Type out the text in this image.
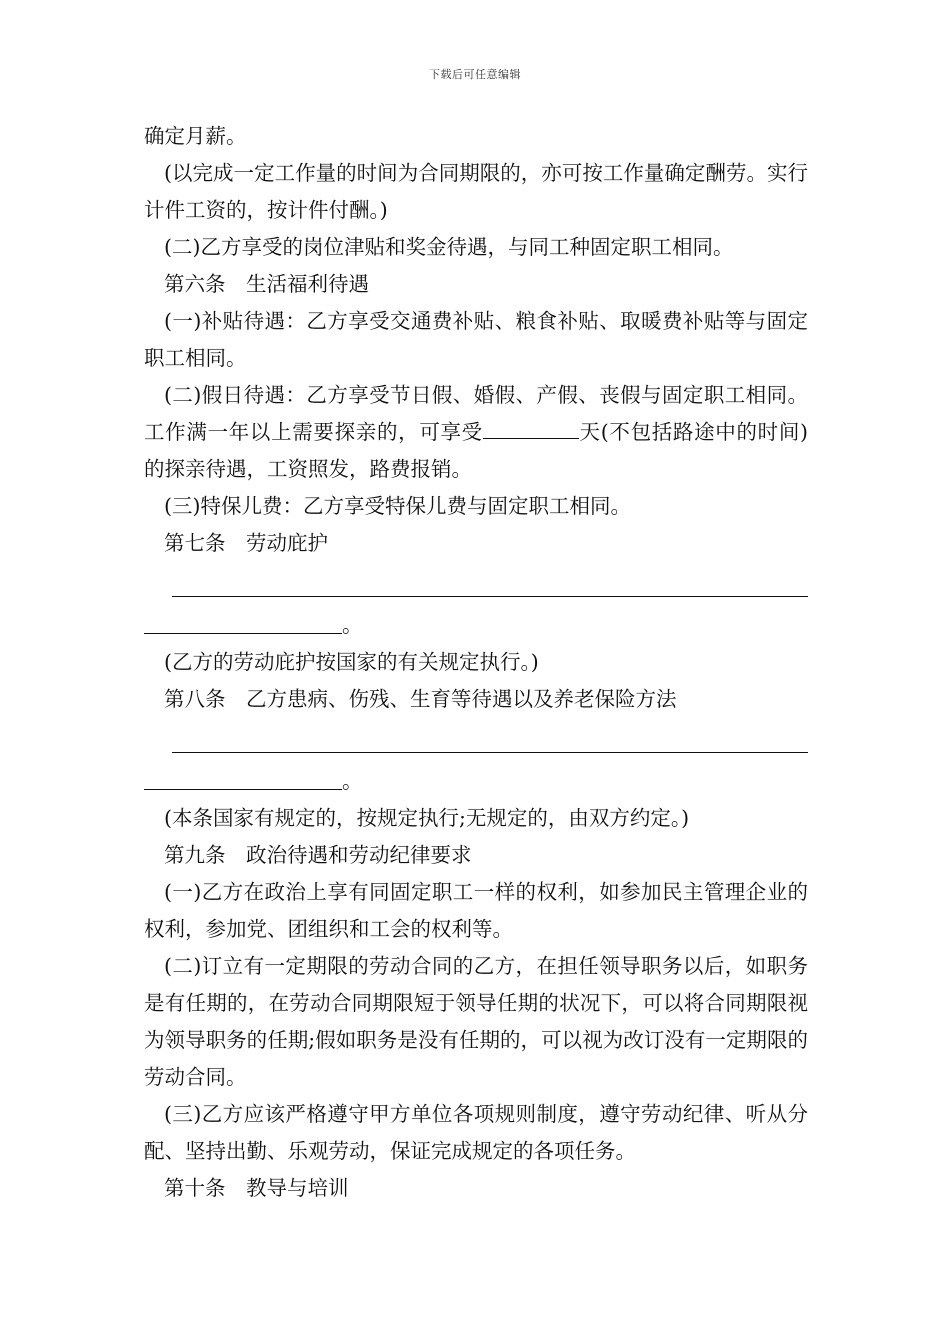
下载后可任意编辑

确定月薪。

(以完成一定工作量的时间为合同期限的，亦可按工作量确定酬劳。实行计件工资的，按计件付酬。)

(二)乙方享受的岗位津贴和奖金待遇，与同工种固定职工相同。

第六条　生活福利待遇

(一)补贴待遇：乙方享受交通费补贴、粮食补贴、取暖费补贴等与固定职工相同。

(二)假日待遇：乙方享受节日假、婚假、产假、丧假与固定职工相同。工作满一年以上需要探亲的，可享受	天(不包括路途中的时间)的探亲待遇，工资照发，路费报销。

(三)特保儿费：乙方享受特保儿费与固定职工相同。

第七条　劳动庇护

。

(乙方的劳动庇护按国家的有关规定执行。)

第八条　乙方患病、伤残、生育等待遇以及养老保险方法

。

(本条国家有规定的，按规定执行;无规定的，由双方约定。)

第九条　政治待遇和劳动纪律要求

(一)乙方在政治上享有同固定职工一样的权利，如参加民主管理企业的权利，参加党、团组织和工会的权利等。

(二)订立有一定期限的劳动合同的乙方，在担任领导职务以后，如职务是有任期的，在劳动合同期限短于领导任期的状况下，可以将合同期限视为领导职务的任期;假如职务是没有任期的，可以视为改订没有一定期限的劳动合同。

(三)乙方应该严格遵守甲方单位各项规则制度，遵守劳动纪律、听从分配、坚持出勤、乐观劳动，保证完成规定的各项任务。

第十条　教导与培训
